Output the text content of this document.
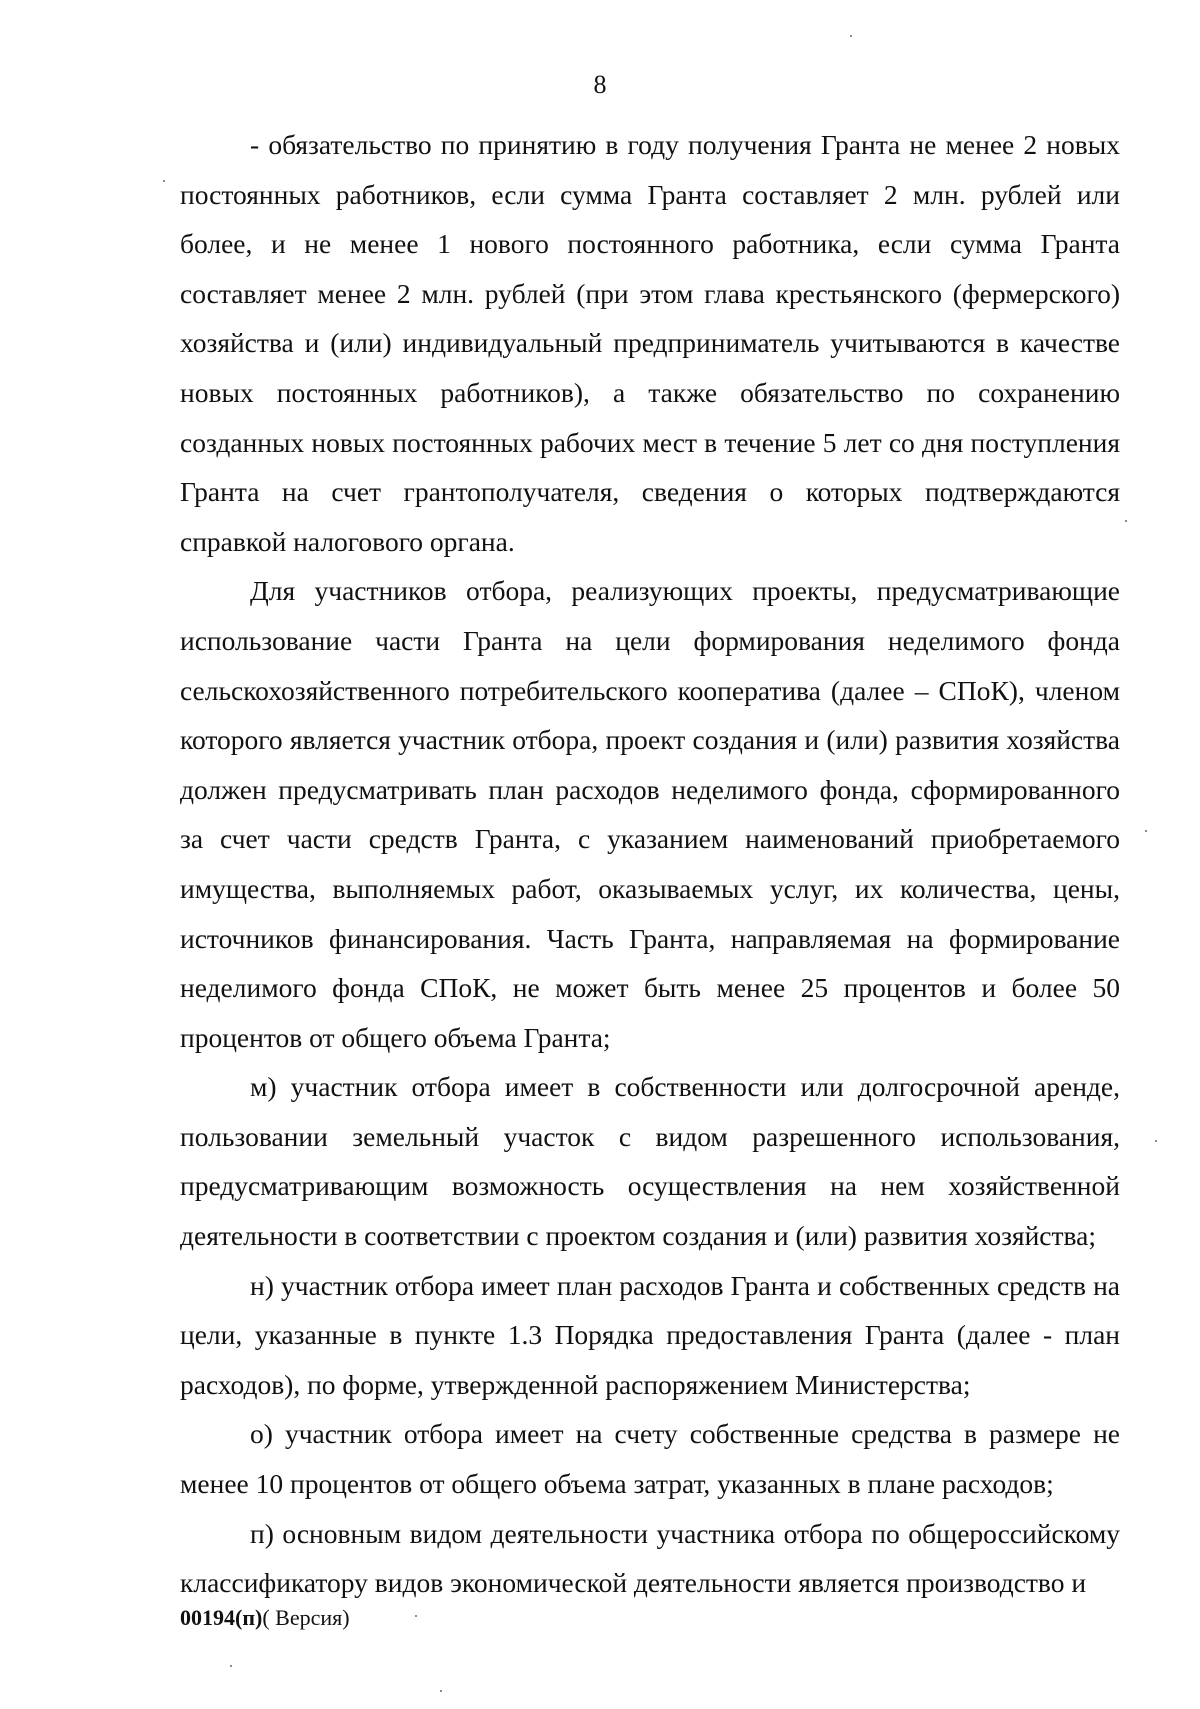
8

- обязательство по принятию в году получения Гранта не менее 2 новых постоянных работников, если сумма Гранта составляет 2 млн. рублей или более, и не менее 1 нового постоянного работника, если сумма Гранта составляет менее 2 млн. рублей (при этом глава крестьянского (фермерского) хозяйства и (или) индивидуальный предприниматель учитываются в качестве новых постоянных работников), а также обязательство по сохранению созданных новых постоянных рабочих мест в течение 5 лет со дня поступления Гранта на счет грантополучателя, сведения о которых подтверждаются справкой налогового органа.

Для участников отбора, реализующих проекты, предусматривающие использование части Гранта на цели формирования неделимого фонда сельскохозяйственного потребительского кооператива (далее – СПоК), членом которого является участник отбора, проект создания и (или) развития хозяйства должен предусматривать план расходов неделимого фонда, сформированного за счет части средств Гранта, с указанием наименований приобретаемого имущества, выполняемых работ, оказываемых услуг, их количества, цены, источников финансирования. Часть Гранта, направляемая на формирование неделимого фонда СПоК, не может быть менее 25 процентов и более 50 процентов от общего объема Гранта;

м) участник отбора имеет в собственности или долгосрочной аренде, пользовании земельный участок с видом разрешенного использования, предусматривающим возможность осуществления на нем хозяйственной деятельности в соответствии с проектом создания и (или) развития хозяйства;

н) участник отбора имеет план расходов Гранта и собственных средств на цели, указанные в пункте 1.3 Порядка предоставления Гранта (далее - план расходов), по форме, утвержденной распоряжением Министерства;

о) участник отбора имеет на счету собственные средства в размере не менее 10 процентов от общего объема затрат, указанных в плане расходов;

п) основным видом деятельности участника отбора по общероссийскому классификатору видов экономической деятельности является производство и

00194(п)( Версия)
